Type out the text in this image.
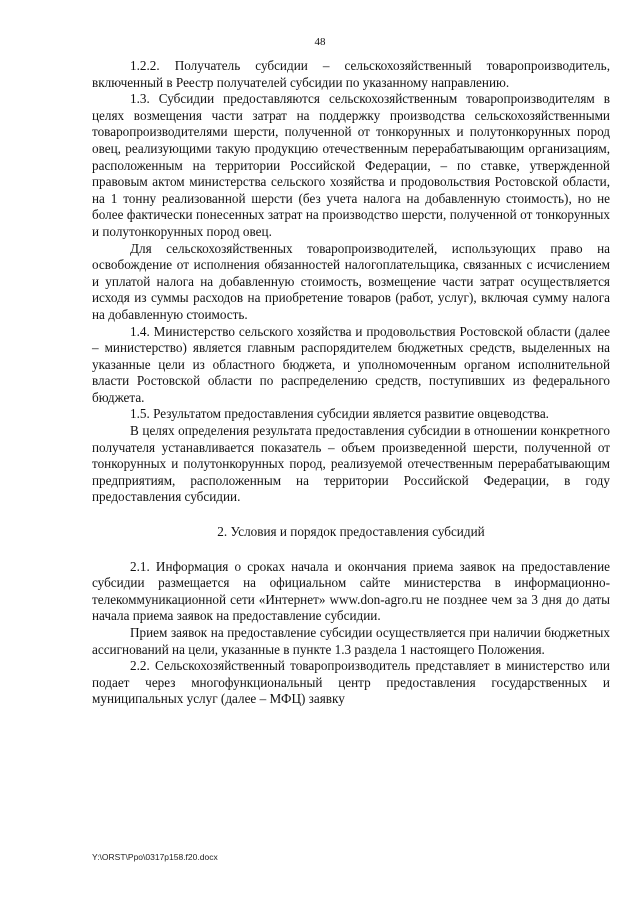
48

1.2.2. Получатель субсидии – сельскохозяйственный товаропроизводитель, включенный в Реестр получателей субсидии по указанному направлению.

1.3. Субсидии предоставляются сельскохозяйственным товаропроизводителям в целях возмещения части затрат на поддержку производства сельскохозяйственными товаропроизводителями шерсти, полученной от тонкорунных и полутонкорунных пород овец, реализующими такую продукцию отечественным перерабатывающим организациям, расположенным на территории Российской Федерации, – по ставке, утвержденной правовым актом министерства сельского хозяйства и продовольствия Ростовской области, на 1 тонну реализованной шерсти (без учета налога на добавленную стоимость), но не более фактически понесенных затрат на производство шерсти, полученной от тонкорунных и полутонкорунных пород овец.

Для сельскохозяйственных товаропроизводителей, использующих право на освобождение от исполнения обязанностей налогоплательщика, связанных с исчислением и уплатой налога на добавленную стоимость, возмещение части затрат осуществляется исходя из суммы расходов на приобретение товаров (работ, услуг), включая сумму налога на добавленную стоимость.

1.4. Министерство сельского хозяйства и продовольствия Ростовской области (далее – министерство) является главным распорядителем бюджетных средств, выделенных на указанные цели из областного бюджета, и уполномоченным органом исполнительной власти Ростовской области по распределению средств, поступивших из федерального бюджета.

1.5. Результатом предоставления субсидии является развитие овцеводства.

В целях определения результата предоставления субсидии в отношении конкретного получателя устанавливается показатель – объем произведенной шерсти, полученной от тонкорунных и полутонкорунных пород, реализуемой отечественным перерабатывающим предприятиям, расположенным на территории Российской Федерации, в году предоставления субсидии.

2. Условия и порядок предоставления субсидий

2.1. Информация о сроках начала и окончания приема заявок на предоставление субсидии размещается на официальном сайте министерства в информационно-телекоммуникационной сети «Интернет» www.don-agro.ru не позднее чем за 3 дня до даты начала приема заявок на предоставление субсидии.

Прием заявок на предоставление субсидии осуществляется при наличии бюджетных ассигнований на цели, указанные в пункте 1.3 раздела 1 настоящего Положения.

2.2. Сельскохозяйственный товаропроизводитель представляет в министерство или подает через многофункциональный центр предоставления государственных и муниципальных услуг (далее – МФЦ) заявку

Y:\ORST\Ppo\0317p158.f20.docx
